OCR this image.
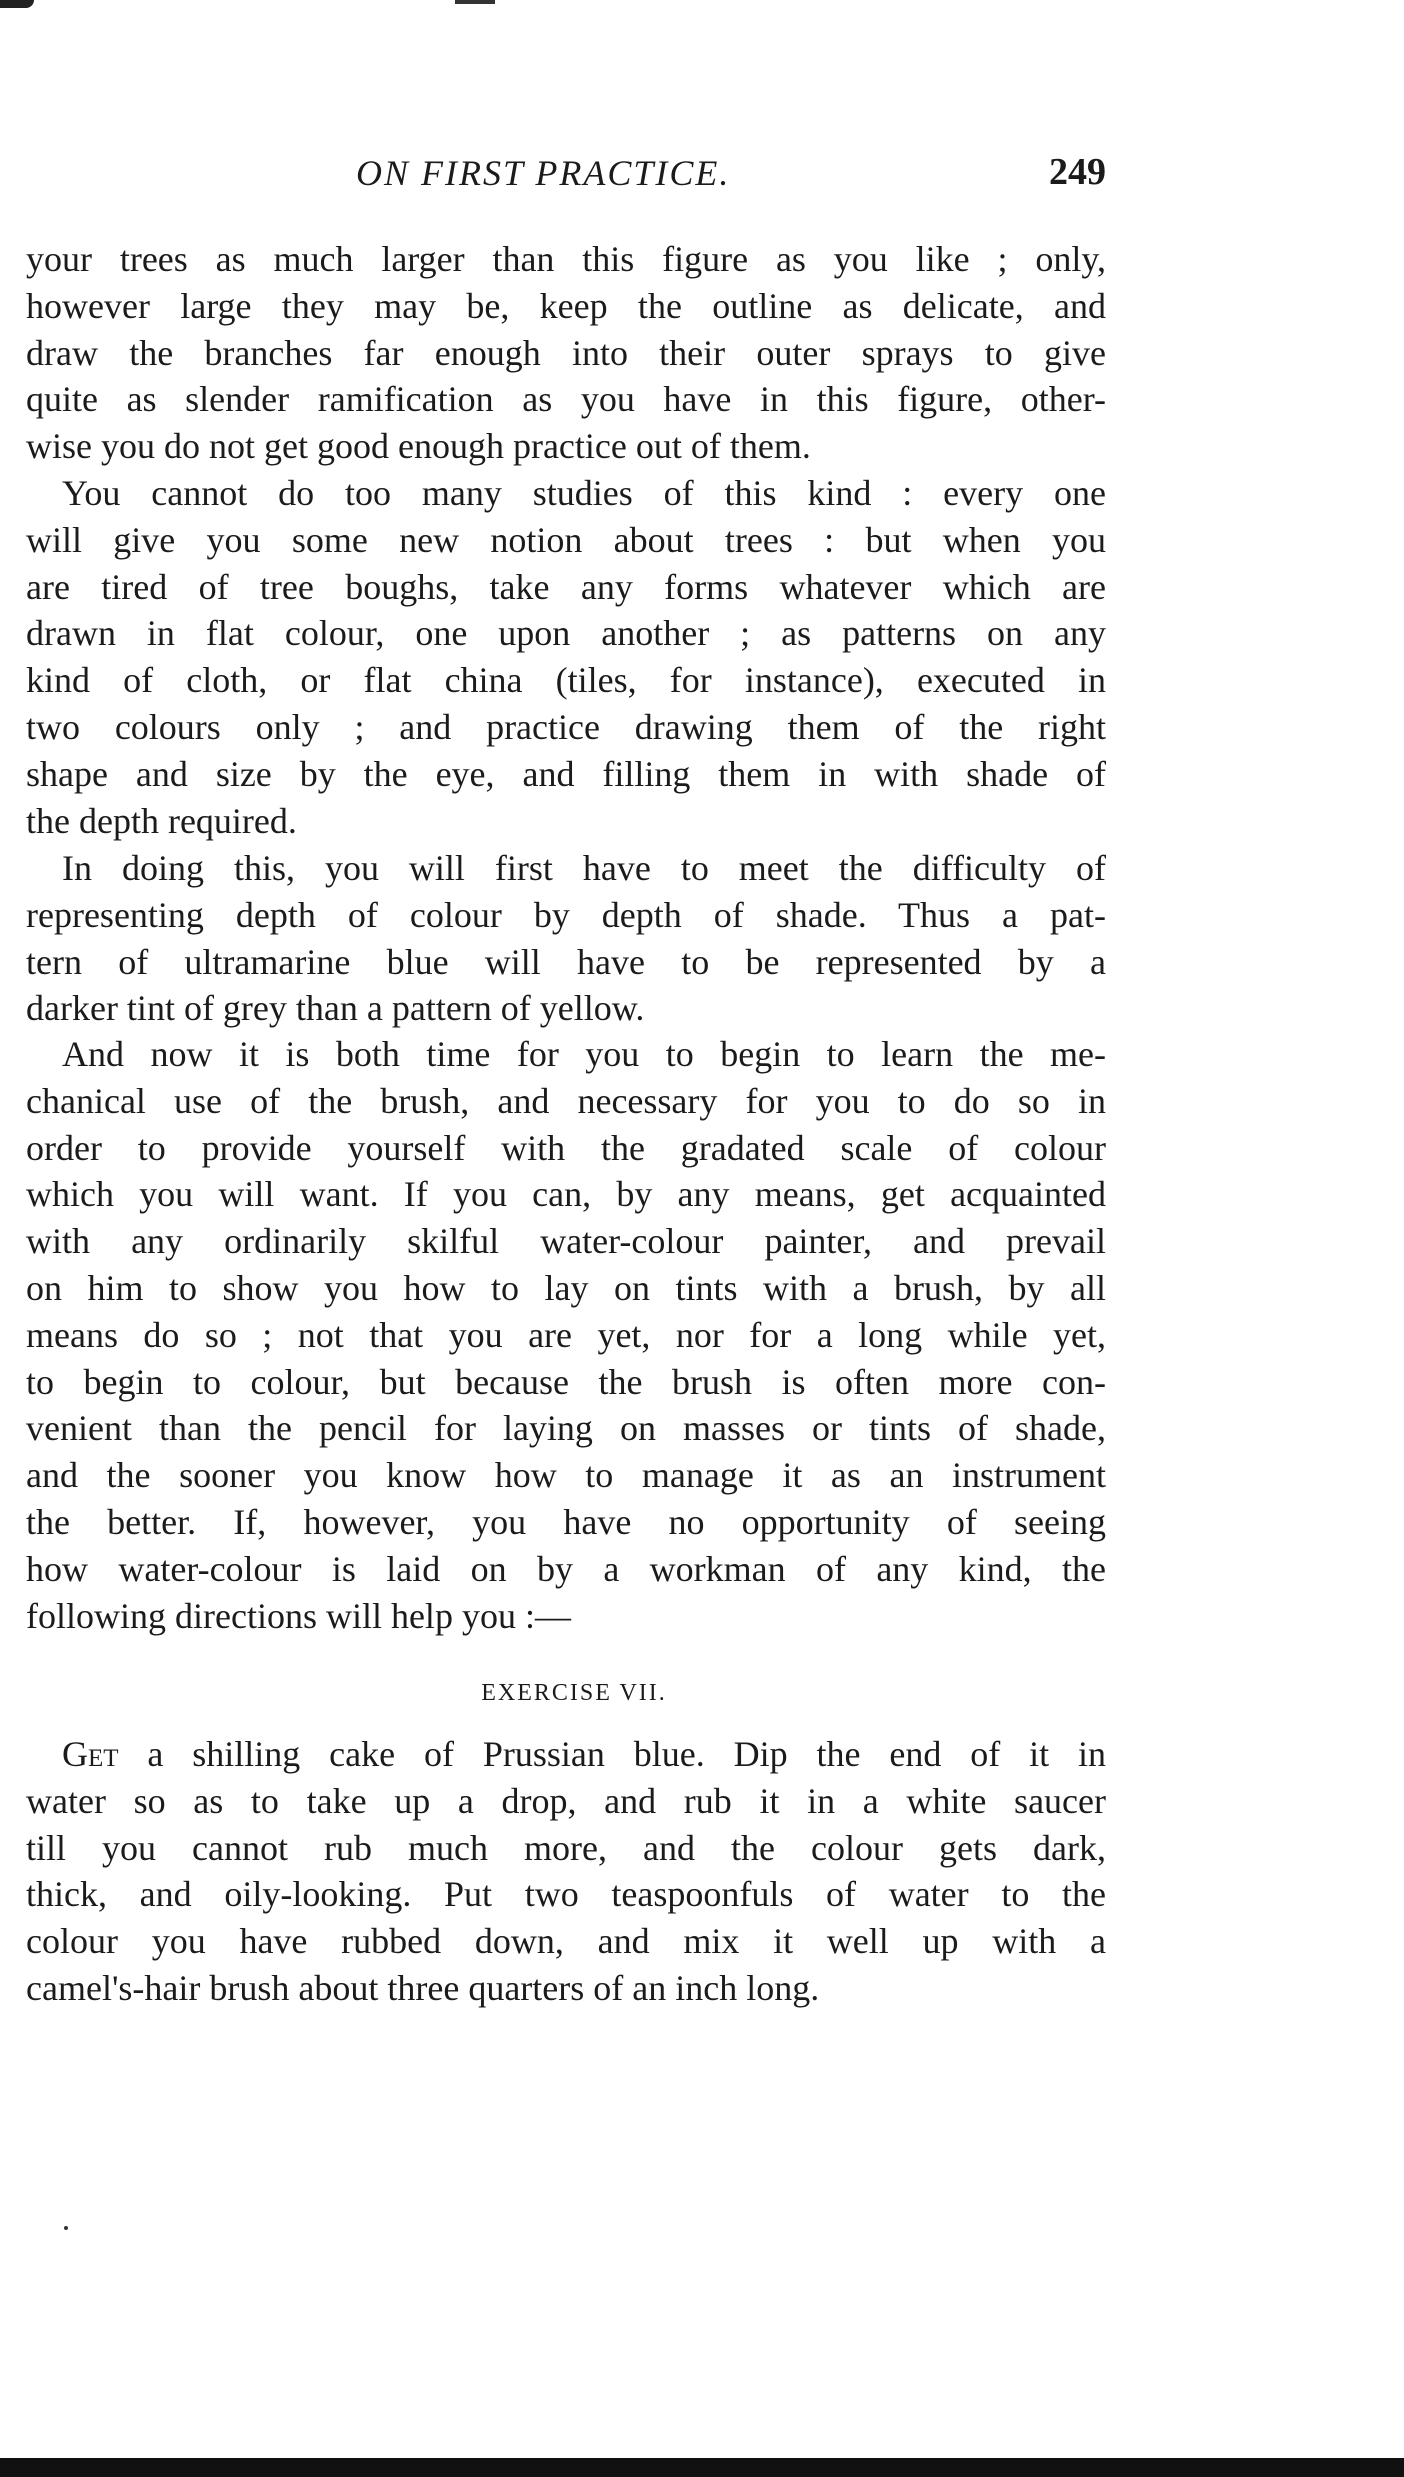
ON FIRST PRACTICE.	249
your trees as much larger than this figure as you like ; only,
however large they may be, keep the outline as delicate, and
draw the branches far enough into their outer sprays to give
quite as slender ramification as you have in this figure, other-
wise you do not get good enough practice out of them.
You cannot do too many studies of this kind : every one
will give you some new notion about trees : but when you
are tired of tree boughs, take any forms whatever which are
drawn in flat colour, one upon another ; as patterns on any
kind of cloth, or flat china (tiles, for instance), executed in
two colours only ; and practice drawing them of the right
shape and size by the eye, and filling them in with shade of
the depth required.
In doing this, you will first have to meet the difficulty of
representing depth of colour by depth of shade. Thus a pat-
tern of ultramarine blue will have to be represented by a
darker tint of grey than a pattern of yellow.
And now it is both time for you to begin to learn the me-
chanical use of the brush, and necessary for you to do so in
order to provide yourself with the gradated scale of colour
which you will want. If you can, by any means, get acquainted
with any ordinarily skilful water-colour painter, and prevail
on him to show you how to lay on tints with a brush, by all
means do so ; not that you are yet, nor for a long while yet,
to begin to colour, but because the brush is often more con-
venient than the pencil for laying on masses or tints of shade,
and the sooner you know how to manage it as an instrument
the better. If, however, you have no opportunity of seeing
how water-colour is laid on by a workman of any kind, the
following directions will help you :—
EXERCISE VII.
Get a shilling cake of Prussian blue. Dip the end of it in
water so as to take up a drop, and rub it in a white saucer
till you cannot rub much more, and the colour gets dark,
thick, and oily-looking. Put two teaspoonfuls of water to the
colour you have rubbed down, and mix it well up with a
camel's-hair brush about three quarters of an inch long.
